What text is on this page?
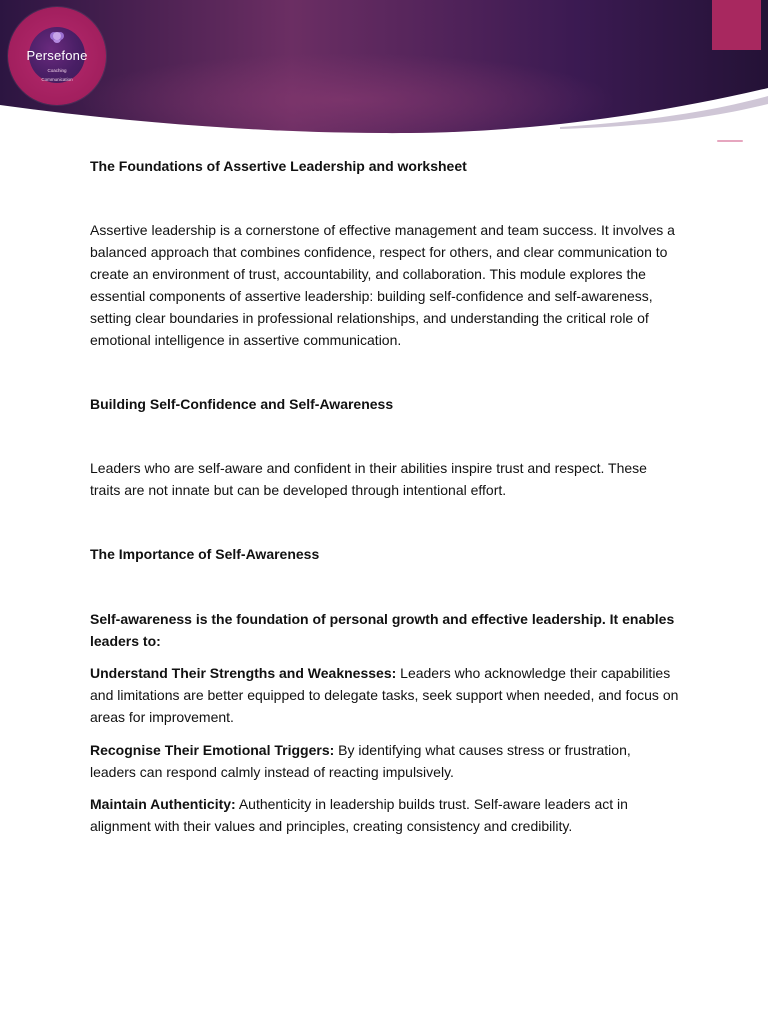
Persefone
Coaching
Communication
The Foundations of Assertive Leadership and worksheet

Assertive leadership is a cornerstone of effective management and team success. It involves a balanced approach that combines confidence, respect for others, and clear communication to create an environment of trust, accountability, and collaboration. This module explores the essential components of assertive leadership: building self-confidence and self-awareness, setting clear boundaries in professional relationships, and understanding the critical role of emotional intelligence in assertive communication.

Building Self-Confidence and Self-Awareness

Leaders who are self-aware and confident in their abilities inspire trust and respect. These traits are not innate but can be developed through intentional effort.

The Importance of Self-Awareness

Self-awareness is the foundation of personal growth and effective leadership. It enables leaders to:

Understand Their Strengths and Weaknesses: Leaders who acknowledge their capabilities and limitations are better equipped to delegate tasks, seek support when needed, and focus on areas for improvement.

Recognise Their Emotional Triggers: By identifying what causes stress or frustration, leaders can respond calmly instead of reacting impulsively.

Maintain Authenticity: Authenticity in leadership builds trust. Self-aware leaders act in alignment with their values and principles, creating consistency and credibility.
